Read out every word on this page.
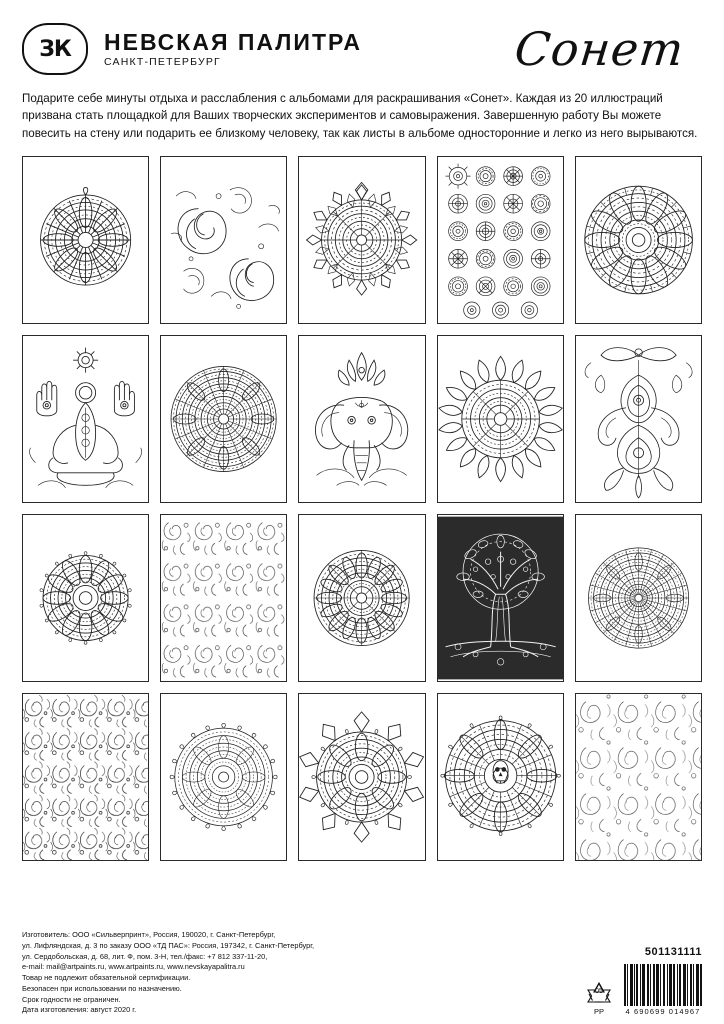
ЗК НЕВСКАЯ ПАЛИТРА
САНКТ-ПЕТЕРБУРГ	Сонет
Подарите себе минуты отдыха и расслабления с альбомами для раскрашивания «Сонет». Каждая из 20 иллюстраций призвана стать площадкой для Ваших творческих экспериментов и самовыражения. Завершенную работу Вы можете повесить на стену или подарить ее близкому человеку, так как листы в альбоме односторонние и легко из него вырываются.
Изготовитель: ООО «Сильверпринт», Россия, 190020, г. Санкт-Петербург,
ул. Лифляндская, д. 3 по заказу ООО «ТД ПАС»: Россия, 197342, г. Санкт-Петербург,
ул. Сердобольская, д. 68, лит. Ф, пом. 3-Н, тел./факс: +7 812 337-11-20,
e-mail: mail@artpaints.ru, www.artpaints.ru, www.nevskayapalitra.ru
Товар не подлежит обязательной сертификации.
Безопасен при использовании по назначению.
Срок годности не ограничен.
Дата изготовления: август 2020 г.
501131111
05
PP	4 690699 014967
